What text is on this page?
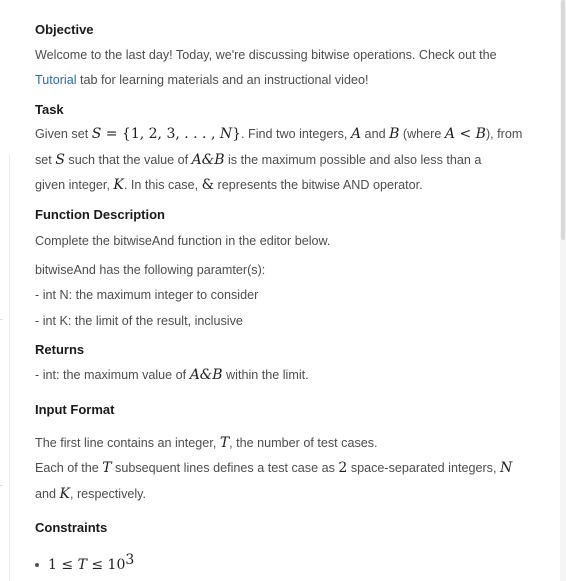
Objective
Welcome to the last day! Today, we're discussing bitwise operations. Check out the
Tutorial tab for learning materials and an instructional video!
Task
Given set S = {1, 2, 3, . . . , N}. Find two integers, A and B (where A < B), from
set S such that the value of A&B is the maximum possible and also less than a
given integer, K. In this case, & represents the bitwise AND operator.
Function Description
Complete the bitwiseAnd function in the editor below.
bitwiseAnd has the following paramter(s):
- int N: the maximum integer to consider
- int K: the limit of the result, inclusive
Returns
- int: the maximum value of A&B within the limit.
Input Format
The first line contains an integer, T, the number of test cases.
Each of the T subsequent lines defines a test case as 2 space-separated integers, N
and K, respectively.
Constraints
$1 \le T \le 10^3$
